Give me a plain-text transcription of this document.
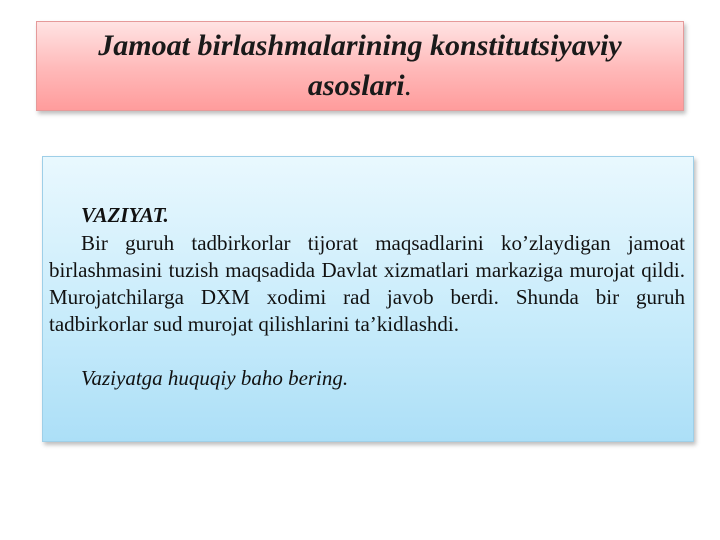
Jamoat birlashmalarining konstitutsiyaviy asoslari.

VAZIYAT.

Bir guruh tadbirkorlar tijorat maqsadlarini ko’zlaydigan jamoat birlashmasini tuzish maqsadida Davlat xizmatlari markaziga murojat qildi. Murojatchilarga DXM xodimi rad javob berdi. Shunda bir guruh tadbirkorlar sud murojat qilishlarini ta’kidlashdi.

Vaziyatga huquqiy baho bering.
